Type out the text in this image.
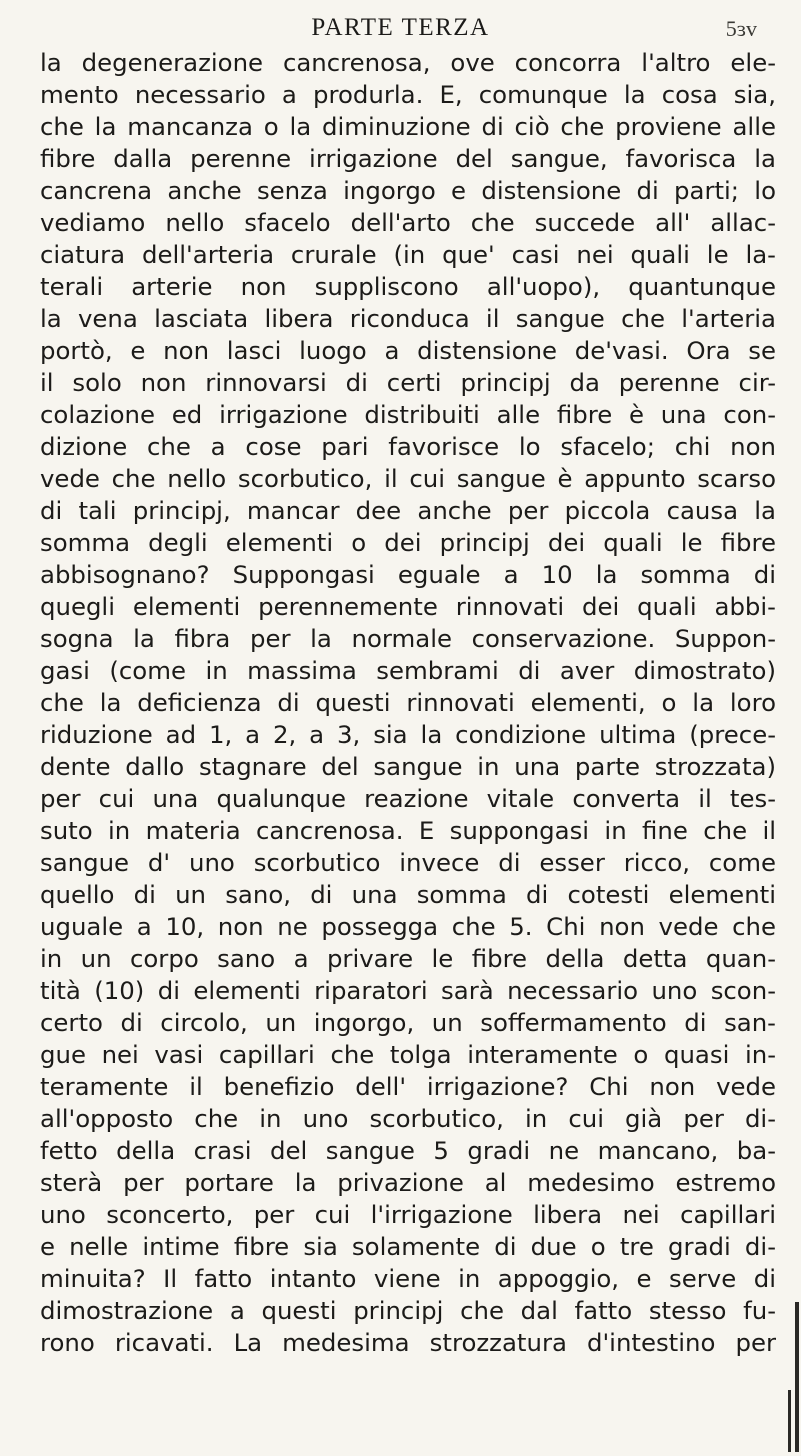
PARTE TERZA	5ɜv
la degenerazione cancrenosa, ove concorra l'altro ele-
mento necessario a produrla. E, comunque la cosa sia,
che la mancanza o la diminuzione di ciò che proviene alle
fibre dalla perenne irrigazione del sangue, favorisca la
cancrena anche senza ingorgo e distensione di parti; lo
vediamo nello sfacelo dell'arto che succede all' allac-
ciatura dell'arteria crurale (in que' casi nei quali le la-
terali arterie non suppliscono all'uopo), quantunque
la vena lasciata libera riconduca il sangue che l'arteria
portò, e non lasci luogo a distensione de'vasi. Ora se
il solo non rinnovarsi di certi principj da perenne cir-
colazione ed irrigazione distribuiti alle fibre è una con-
dizione che a cose pari favorisce lo sfacelo; chi non
vede che nello scorbutico, il cui sangue è appunto scarso
di tali principj, mancar dee anche per piccola causa la
somma degli elementi o dei principj dei quali le fibre
abbisognano? Suppongasi eguale a 10 la somma di
quegli elementi perennemente rinnovati dei quali abbi-
sogna la fibra per la normale conservazione. Suppon-
gasi (come in massima sembrami di aver dimostrato)
che la deficienza di questi rinnovati elementi, o la loro
riduzione ad 1, a 2, a 3, sia la condizione ultima (prece-
dente dallo stagnare del sangue in una parte strozzata)
per cui una qualunque reazione vitale converta il tes-
suto in materia cancrenosa. E suppongasi in fine che il
sangue d' uno scorbutico invece di esser ricco, come
quello di un sano, di una somma di cotesti elementi
uguale a 10, non ne possegga che 5. Chi non vede che
in un corpo sano a privare le fibre della detta quan-
tità (10) di elementi riparatori sarà necessario uno scon-
certo di circolo, un ingorgo, un soffermamento di san-
gue nei vasi capillari che tolga interamente o quasi in-
teramente il benefizio dell' irrigazione? Chi non vede
all'opposto che in uno scorbutico, in cui già per di-
fetto della crasi del sangue 5 gradi ne mancano, ba-
sterà per portare la privazione al medesimo estremo
uno sconcerto, per cui l'irrigazione libera nei capillari
e nelle intime fibre sia solamente di due o tre gradi di-
minuita? Il fatto intanto viene in appoggio, e serve di
dimostrazione a questi principj che dal fatto stesso fu-
rono ricavati. La medesima strozzatura d'intestino per
